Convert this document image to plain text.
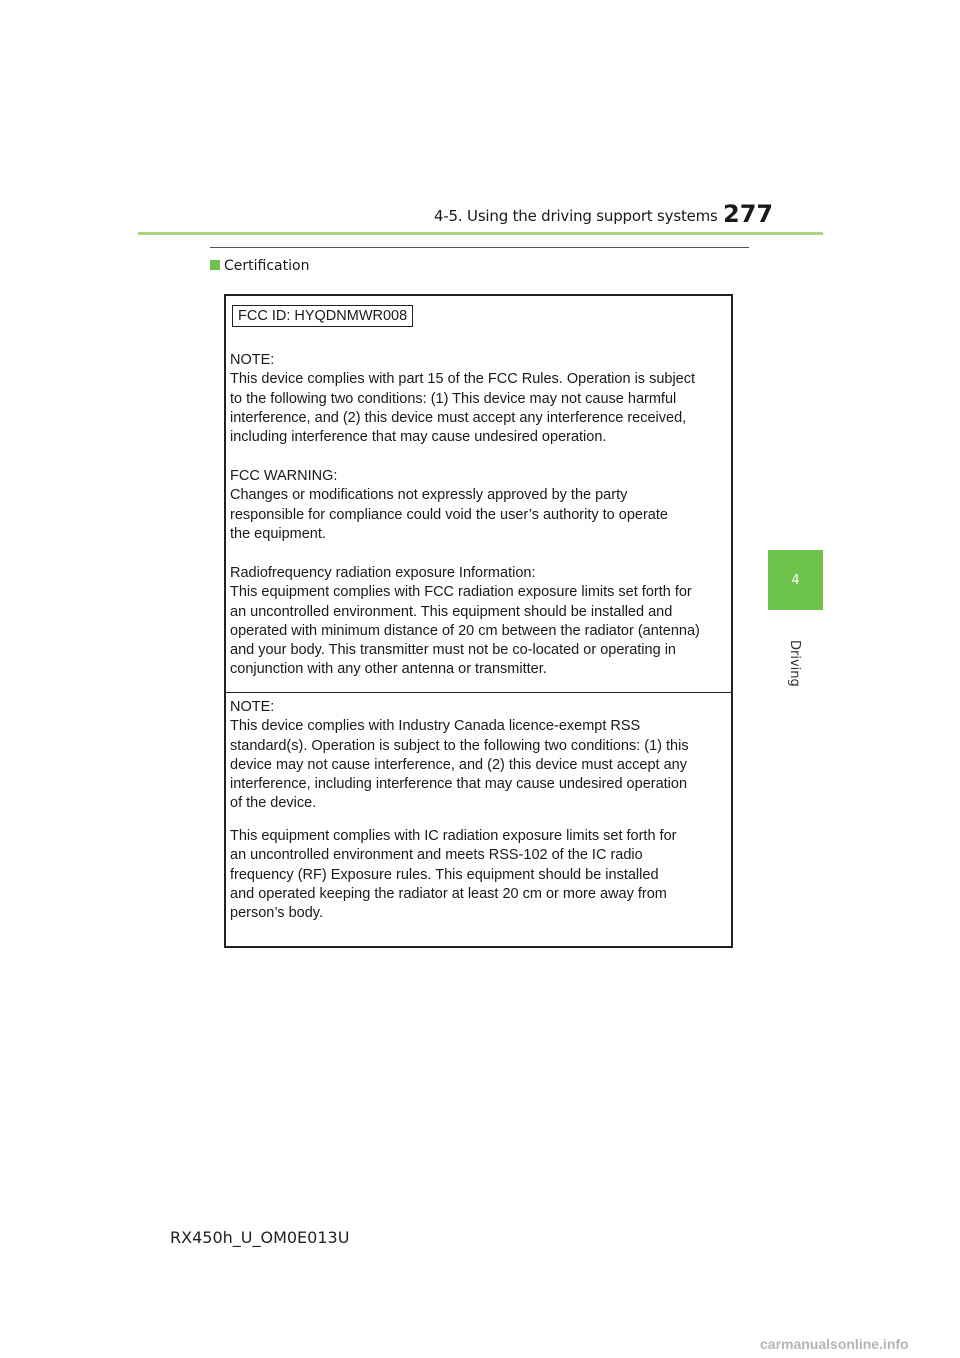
4-5. Using the driving support systems 277
4
Driving
Certification
FCC ID: HYQDNMWR008
NOTE:
This device complies with part 15 of the FCC Rules. Operation is subject
to the following two conditions: (1) This device may not cause harmful
interference, and (2) this device must accept any interference received,
including interference that may cause undesired operation.
FCC WARNING:
Changes or modifications not expressly approved by the party
responsible for compliance could void the user’s authority to operate
the equipment.
Radiofrequency radiation exposure Information:
This equipment complies with FCC radiation exposure limits set forth for
an uncontrolled environment. This equipment should be installed and
operated with minimum distance of 20 cm between the radiator (antenna)
and your body. This transmitter must not be co-located or operating in
conjunction with any other antenna or transmitter.
NOTE:
This device complies with Industry Canada licence-exempt RSS
standard(s). Operation is subject to the following two conditions: (1) this
device may not cause interference, and (2) this device must accept any
interference, including interference that may cause undesired operation
of the device.
This equipment complies with IC radiation exposure limits set forth for
an uncontrolled environment and meets RSS-102 of the IC radio
frequency (RF) Exposure rules. This equipment should be installed
and operated keeping the radiator at least 20 cm or more away from
person’s body.
RX450h_U_OM0E013U
carmanualsonline.info
